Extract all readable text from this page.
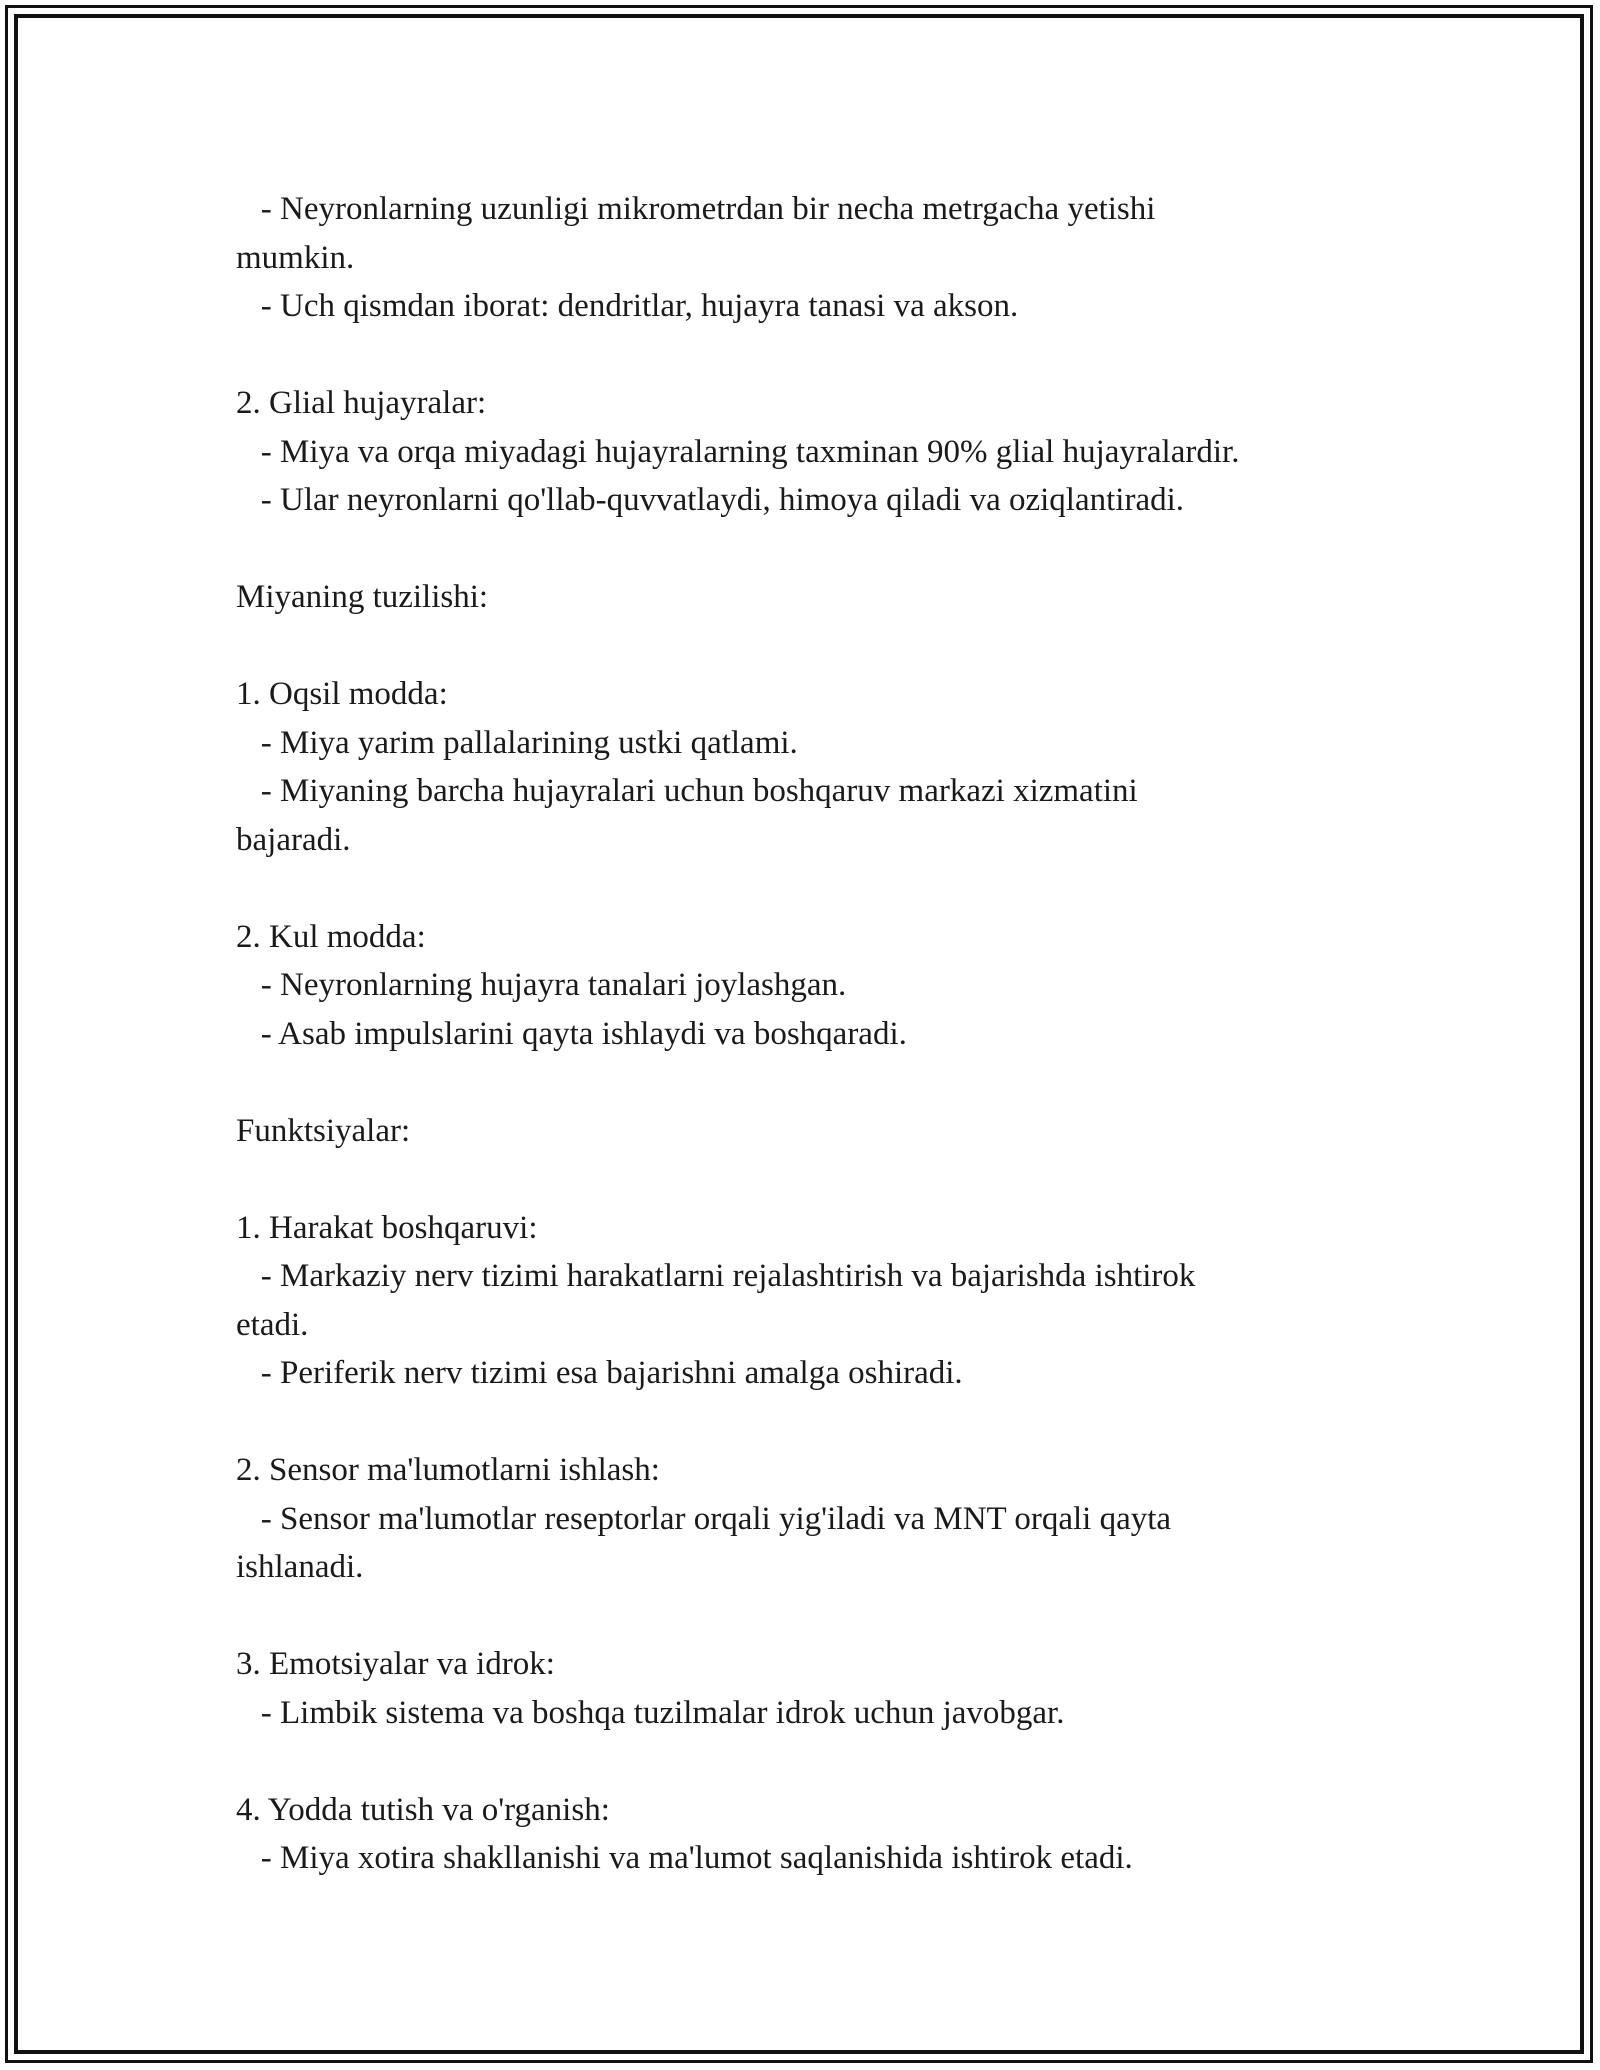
- Neyronlarning uzunligi mikrometrdan bir necha metrgacha yetishi

mumkin.

- Uch qismdan iborat: dendritlar, hujayra tanasi va akson.

2. Glial hujayralar:

- Miya va orqa miyadagi hujayralarning taxminan 90% glial hujayralardir.

- Ular neyronlarni qo'llab-quvvatlaydi, himoya qiladi va oziqlantiradi.

Miyaning tuzilishi:

1. Oqsil modda:

- Miya yarim pallalarining ustki qatlami.

- Miyaning barcha hujayralari uchun boshqaruv markazi xizmatini

bajaradi.

2. Kul modda:

- Neyronlarning hujayra tanalari joylashgan.

- Asab impulslarini qayta ishlaydi va boshqaradi.

Funktsiyalar:

1. Harakat boshqaruvi:

- Markaziy nerv tizimi harakatlarni rejalashtirish va bajarishda ishtirok

etadi.

- Periferik nerv tizimi esa bajarishni amalga oshiradi.

2. Sensor ma'lumotlarni ishlash:

- Sensor ma'lumotlar reseptorlar orqali yig'iladi va MNT orqali qayta

ishlanadi.

3. Emotsiyalar va idrok:

- Limbik sistema va boshqa tuzilmalar idrok uchun javobgar.

4. Yodda tutish va o'rganish:

- Miya xotira shakllanishi va ma'lumot saqlanishida ishtirok etadi.
